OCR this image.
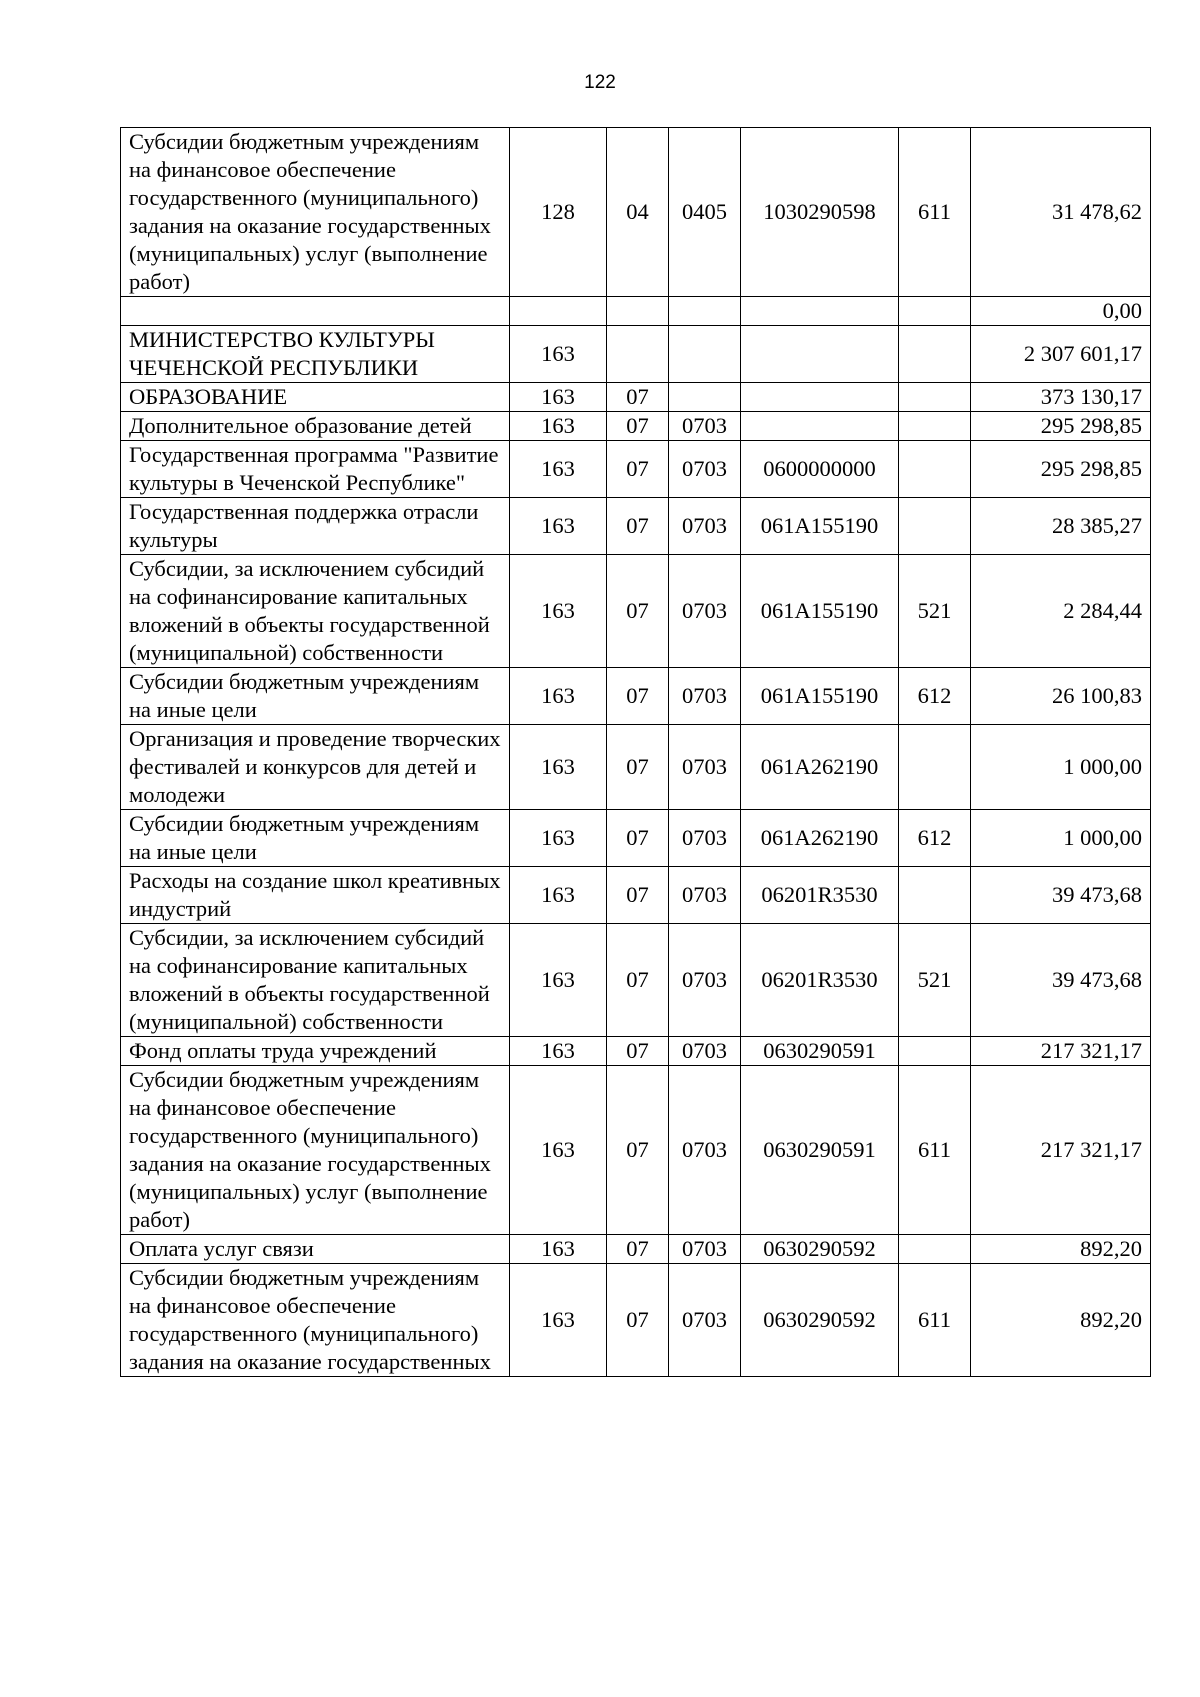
122
Субсидии бюджетным учреждениям на финансовое обеспечение государственного (муниципального) задания на оказание государственных (муниципальных) услуг (выполнение работ)	128	04	0405	1030290598	611	31 478,62
						0,00
МИНИСТЕРСТВО КУЛЬТУРЫ ЧЕЧЕНСКОЙ РЕСПУБЛИКИ	163					2 307 601,17
ОБРАЗОВАНИЕ	163	07				373 130,17
Дополнительное образование детей	163	07	0703			295 298,85
Государственная программа "Развитие культуры в Чеченской Республике"	163	07	0703	0600000000		295 298,85
Государственная поддержка отрасли культуры	163	07	0703	061A155190		28 385,27
Субсидии, за исключением субсидий на софинансирование капитальных вложений в объекты государственной (муниципальной) собственности	163	07	0703	061A155190	521	2 284,44
Субсидии бюджетным учреждениям на иные цели	163	07	0703	061A155190	612	26 100,83
Организация и проведение творческих фестивалей и конкурсов для детей и молодежи	163	07	0703	061A262190		1 000,00
Субсидии бюджетным учреждениям на иные цели	163	07	0703	061A262190	612	1 000,00
Расходы на создание школ креативных индустрий	163	07	0703	06201R3530		39 473,68
Субсидии, за исключением субсидий на софинансирование капитальных вложений в объекты государственной (муниципальной) собственности	163	07	0703	06201R3530	521	39 473,68
Фонд оплаты труда учреждений	163	07	0703	0630290591		217 321,17
Субсидии бюджетным учреждениям на финансовое обеспечение государственного (муниципального) задания на оказание государственных (муниципальных) услуг (выполнение работ)	163	07	0703	0630290591	611	217 321,17
Оплата услуг связи	163	07	0703	0630290592		892,20
Субсидии бюджетным учреждениям на финансовое обеспечение государственного (муниципального) задания на оказание государственных	163	07	0703	0630290592	611	892,20
